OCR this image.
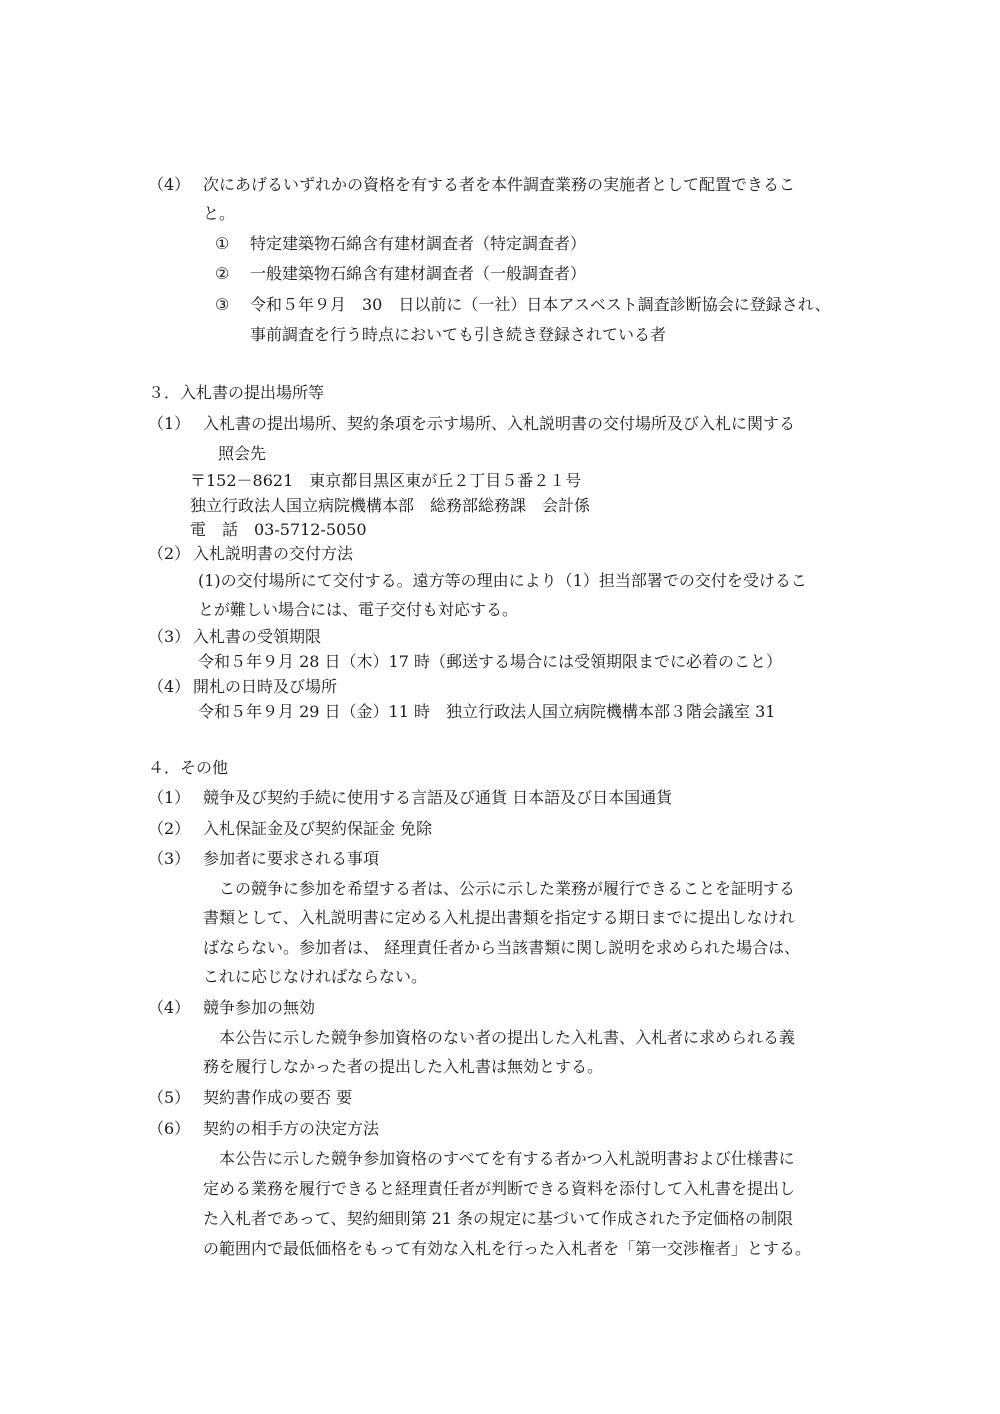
（4） 次にあげるいずれかの資格を有する者を本件調査業務の実施者として配置できるこ
と。
① 特定建築物石綿含有建材調査者（特定調査者）
② 一般建築物石綿含有建材調査者（一般調査者）
③ 令和５年９月　30　日以前に（一社）日本アスベスト調査診断協会に登録され、
事前調査を行う時点においても引き続き登録されている者
３．入札書の提出場所等
（1） 入札書の提出場所、契約条項を示す場所、入札説明書の交付場所及び入札に関する
照会先
〒152－8621　東京都目黒区東が丘２丁目５番２１号
独立行政法人国立病院機構本部　総務部総務課　会計係
電　話　03-5712-5050
（2） 入札説明書の交付方法
(1)の交付場所にて交付する。遠方等の理由により（1）担当部署での交付を受けるこ
とが難しい場合には、電子交付も対応する。
（3） 入札書の受領期限
令和５年９月 28 日（木）17 時（郵送する場合には受領期限までに必着のこと）
（4） 開札の日時及び場所
令和５年９月 29 日（金）11 時　独立行政法人国立病院機構本部３階会議室 31
４．その他
（1） 競争及び契約手続に使用する言語及び通貨 日本語及び日本国通貨
（2） 入札保証金及び契約保証金 免除
（3） 参加者に要求される事項
この競争に参加を希望する者は、公示に示した業務が履行できることを証明する
書類として、入札説明書に定める入札提出書類を指定する期日までに提出しなけれ
ばならない。参加者は、 経理責任者から当該書類に関し説明を求められた場合は、
これに応じなければならない。
（4） 競争参加の無効
本公告に示した競争参加資格のない者の提出した入札書、入札者に求められる義
務を履行しなかった者の提出した入札書は無効とする。
（5） 契約書作成の要否 要
（6） 契約の相手方の決定方法
本公告に示した競争参加資格のすべてを有する者かつ入札説明書および仕様書に
定める業務を履行できると経理責任者が判断できる資料を添付して入札書を提出し
た入札者であって、契約細則第 21 条の規定に基づいて作成された予定価格の制限
の範囲内で最低価格をもって有効な入札を行った入札者を「第一交渉権者」とする。
